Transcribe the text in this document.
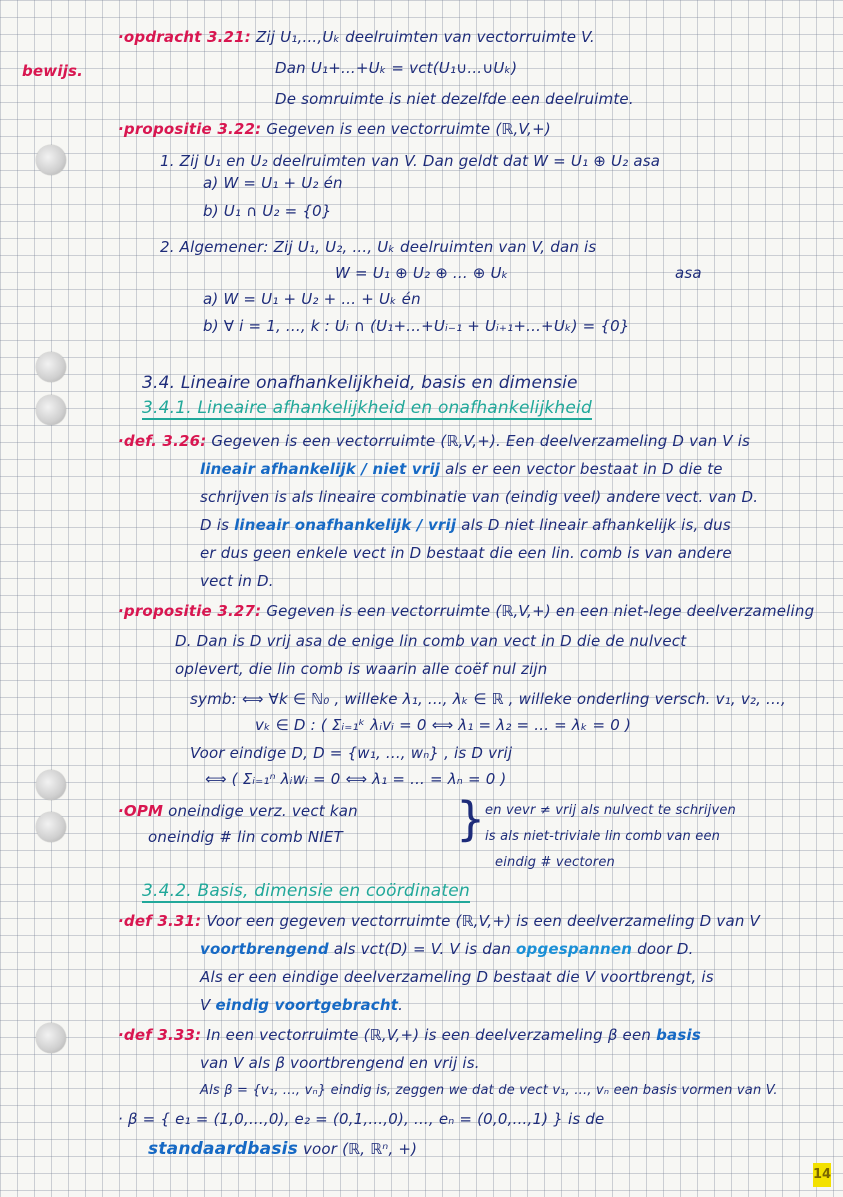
bewijs.
·opdracht 3.21: Zij U₁,...,Uₖ deelruimten van vectorruimte V.
Dan U₁+...+Uₖ = vct(U₁∪...∪Uₖ)
De somruimte is niet dezelfde een deelruimte.
·propositie 3.22: Gegeven is een vectorruimte (ℝ,V,+)
1. Zij U₁ en U₂ deelruimten van V. Dan geldt dat W = U₁ ⊕ U₂ asa
a) W = U₁ + U₂ én
b) U₁ ∩ U₂ = {0}
2. Algemener: Zij U₁, U₂, ..., Uₖ deelruimten van V, dan is
W = U₁ ⊕ U₂ ⊕ ... ⊕ Uₖ	asa
a) W = U₁ + U₂ + ... + Uₖ én
b) ∀ i = 1, ..., k : Uᵢ ∩ (U₁+...+Uᵢ₋₁ + Uᵢ₊₁+...+Uₖ) = {0}
3.4. Lineaire onafhankelijkheid, basis en dimensie
3.4.1. Lineaire afhankelijkheid en onafhankelijkheid
·def. 3.26: Gegeven is een vectorruimte (ℝ,V,+). Een deelverzameling D van V is
lineair afhankelijk / niet vrij als er een vector bestaat in D die te
schrijven is als lineaire combinatie van (eindig veel) andere vect. van D.
D is lineair onafhankelijk / vrij als D niet lineair afhankelijk is, dus
er dus geen enkele vect in D bestaat die een lin. comb is van andere
vect in D.
·propositie 3.27: Gegeven is een vectorruimte (ℝ,V,+) en een niet-lege deelverzameling
D. Dan is D vrij asa de enige lin comb van vect in D die de nulvect
oplevert, die lin comb is waarin alle coëf nul zijn
symb: ⟺ ∀k ∈ ℕ₀ , willeke λ₁, ..., λₖ ∈ ℝ , willeke onderling versch. v₁, v₂, ...,
vₖ ∈ D : ( Σᵢ₌₁ᵏ λᵢvᵢ = 0 ⟺ λ₁ = λ₂ = ... = λₖ = 0 )
Voor eindige D, D = {w₁, ..., wₙ} , is D vrij
⟺ ( Σᵢ₌₁ⁿ λᵢwᵢ = 0 ⟺ λ₁ = ... = λₙ = 0 )
·OPM oneindige verz. vect kan
oneindig # lin comb NIET } en vevr ≠ vrij als nulvect te schrijven
is als niet-triviale lin comb van een
eindig # vectoren
3.4.2. Basis, dimensie en coördinaten
·def 3.31: Voor een gegeven vectorruimte (ℝ,V,+) is een deelverzameling D van V
voortbrengend als vct(D) = V. V is dan opgespannen door D.
Als er een eindige deelverzameling D bestaat die V voortbrengt, is
V eindig voortgebracht.
·def 3.33: In een vectorruimte (ℝ,V,+) is een deelverzameling β een basis
van V als β voortbrengend en vrij is.
Als β = {v₁, ..., vₙ} eindig is, zeggen we dat de vect v₁, ..., vₙ een basis vormen van V.
· β = { e₁ = (1,0,...,0), e₂ = (0,1,...,0), ..., eₙ = (0,0,...,1) } is de
standaardbasis voor (ℝ, ℝⁿ, +)
14
